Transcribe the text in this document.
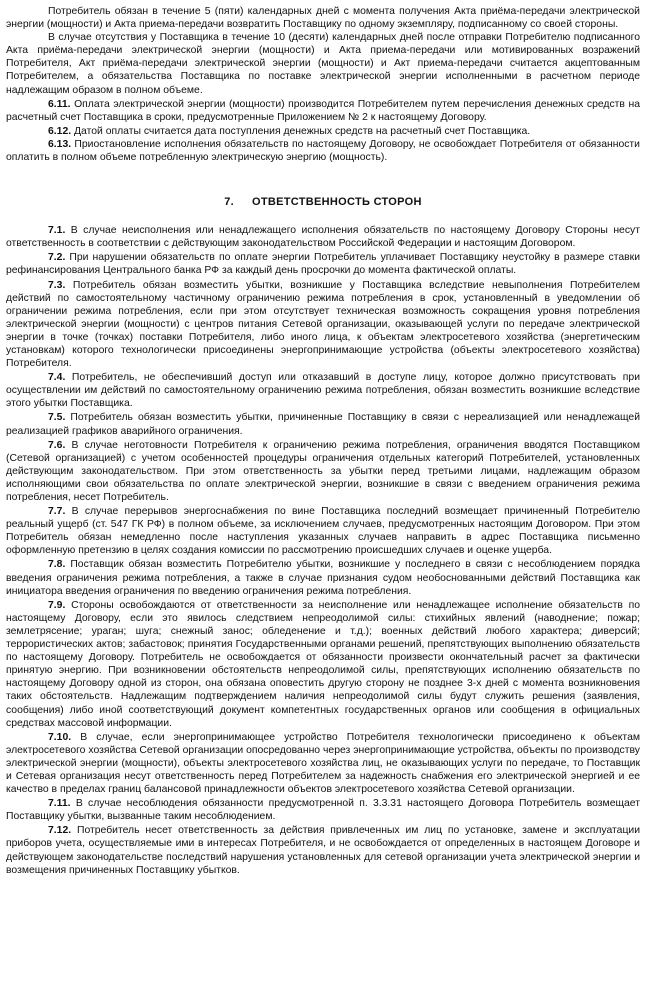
Потребитель обязан в течение 5 (пяти) календарных дней с момента получения Акта приёма-передачи электрической энергии (мощности) и Акта приема-передачи возвратить Поставщику по одному экземпляру, подписанному со своей стороны.

В случае отсутствия у Поставщика в течение 10 (десяти) календарных дней после отправки Потребителю подписанного Акта приёма-передачи электрической энергии (мощности) и Акта приема-передачи или мотивированных возражений Потребителя, Акт приёма-передачи электрической энергии (мощности) и Акт приема-передачи считается акцептованным Потребителем, а обязательства Поставщика по поставке электрической энергии исполненными в расчетном периоде надлежащим образом в полном объеме.

6.11. Оплата электрической энергии (мощности) производится Потребителем путем перечисления денежных средств на расчетный счет Поставщика в сроки, предусмотренные Приложением № 2 к настоящему Договору.

6.12. Датой оплаты считается дата поступления денежных средств на расчетный счет Поставщика.

6.13. Приостановление исполнения обязательств по настоящему Договору, не освобождает Потребителя от обязанности оплатить в полном объеме потребленную электрическую энергию (мощность).

7. ОТВЕТСТВЕННОСТЬ СТОРОН

7.1. В случае неисполнения или ненадлежащего исполнения обязательств по настоящему Договору Стороны несут ответственность в соответствии с действующим законодательством Российской Федерации и настоящим Договором.

7.2. При нарушении обязательств по оплате энергии Потребитель уплачивает Поставщику неустойку в размере ставки рефинансирования Центрального банка РФ за каждый день просрочки до момента фактической оплаты.

7.3. Потребитель обязан возместить убытки, возникшие у Поставщика вследствие невыполнения Потребителем действий по самостоятельному частичному ограничению режима потребления в срок, установленный в уведомлении об ограничении режима потребления, если при этом отсутствует техническая возможность сокращения уровня потребления электрической энергии (мощности) с центров питания Сетевой организации, оказывающей услуги по передаче электрической энергии в точке (точках) поставки Потребителя, либо иного лица, к объектам электросетевого хозяйства (энергетическим установкам) которого технологически присоединены энергопринимающие устройства (объекты электросетевого хозяйства) Потребителя.

7.4. Потребитель, не обеспечивший доступ или отказавший в доступе лицу, которое должно присутствовать при осуществлении им действий по самостоятельному ограничению режима потребления, обязан возместить возникшие вследствие этого убытки Поставщика.

7.5. Потребитель обязан возместить убытки, причиненные Поставщику в связи с нереализацией или ненадлежащей реализацией графиков аварийного ограничения.

7.6. В случае неготовности Потребителя к ограничению режима потребления, ограничения вводятся Поставщиком (Сетевой организацией) с учетом особенностей процедуры ограничения отдельных категорий Потребителей, установленных действующим законодательством. При этом ответственность за убытки перед третьими лицами, надлежащим образом исполняющими свои обязательства по оплате электрической энергии, возникшие в связи с введением ограничения режима потребления, несет Потребитель.

7.7. В случае перерывов энергоснабжения по вине Поставщика последний возмещает причиненный Потребителю реальный ущерб (ст. 547 ГК РФ) в полном объеме, за исключением случаев, предусмотренных настоящим Договором. При этом Потребитель обязан немедленно после наступления указанных случаев направить в адрес Поставщика письменно оформленную претензию в целях создания комиссии по рассмотрению происшедших случаев и оценке ущерба.

7.8. Поставщик обязан возместить Потребителю убытки, возникшие у последнего в связи с несоблюдением порядка введения ограничения режима потребления, а также в случае признания судом необоснованными действий Поставщика как инициатора введения ограничения по введению ограничения режима потребления.

7.9. Стороны освобождаются от ответственности за неисполнение или ненадлежащее исполнение обязательств по настоящему Договору, если это явилось следствием непреодолимой силы: стихийных явлений (наводнение; пожар; землетрясение; ураган; шуга; снежный занос; обледенение и т.д.); военных действий любого характера; диверсий; террористических актов; забастовок; принятия Государственными органами решений, препятствующих выполнению обязательств по настоящему Договору. Потребитель не освобождается от обязанности произвести окончательный расчет за фактически принятую энергию. При возникновении обстоятельств непреодолимой силы, препятствующих исполнению обязательств по настоящему Договору одной из сторон, она обязана оповестить другую сторону не позднее 3-х дней с момента возникновения таких обстоятельств. Надлежащим подтверждением наличия непреодолимой силы будут служить решения (заявления, сообщения) либо иной соответствующий документ компетентных государственных органов или сообщения в официальных средствах массовой информации.

7.10. В случае, если энергопринимающее устройство Потребителя технологически присоединено к объектам электросетевого хозяйства Сетевой организации опосредованно через энергопринимающие устройства, объекты по производству электрической энергии (мощности), объекты электросетевого хозяйства лиц, не оказывающих услуги по передаче, то Поставщик и Сетевая организация несут ответственность перед Потребителем за надежность снабжения его электрической энергией и ее качество в пределах границ балансовой принадлежности объектов электросетевого хозяйства Сетевой организации.

7.11. В случае несоблюдения обязанности предусмотренной п. 3.3.31 настоящего Договора Потребитель возмещает Поставщику убытки, вызванные таким несоблюдением.

7.12. Потребитель несет ответственность за действия привлеченных им лиц по установке, замене и эксплуатации приборов учета, осуществляемые ими в интересах Потребителя, и не освобождается от определенных в настоящем Договоре и действующем законодательстве последствий нарушения установленных для сетевой организации учета электрической энергии и возмещения причиненных Поставщику убытков.
